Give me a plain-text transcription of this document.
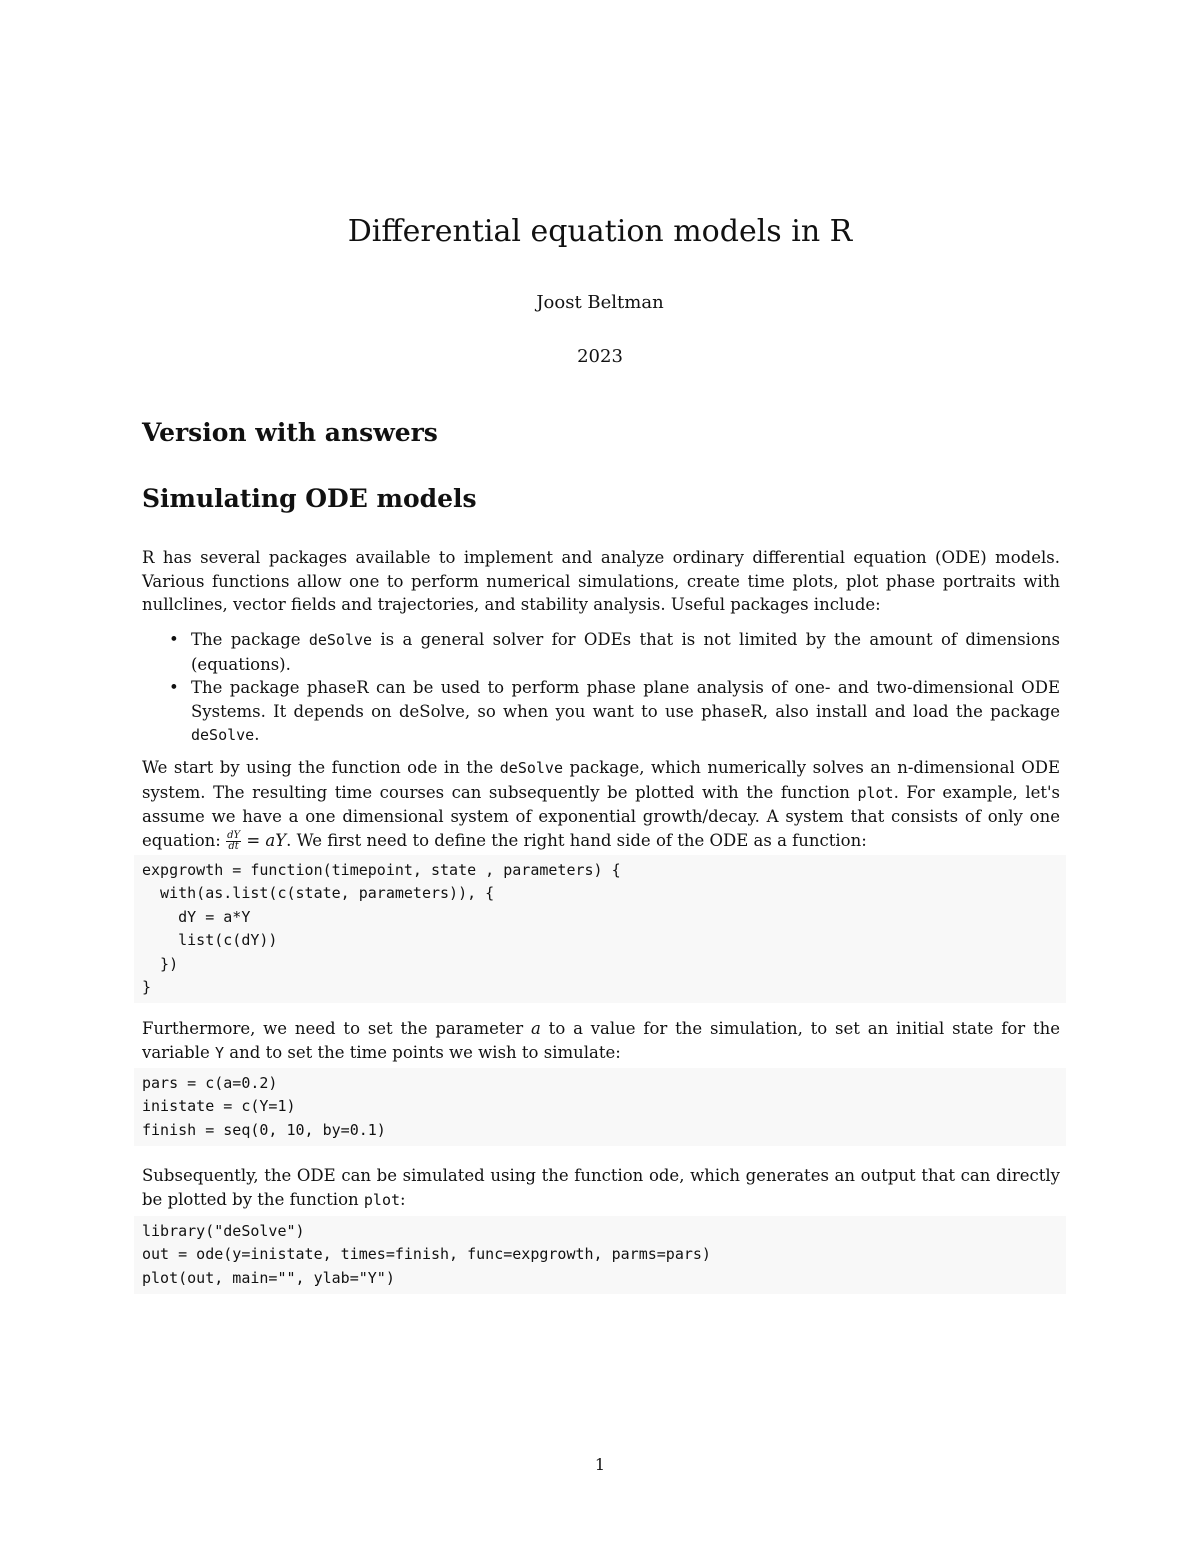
Differential equation models in R
Joost Beltman
2023
Version with answers
Simulating ODE models

R has several packages available to implement and analyze ordinary differential equation (ODE) models. Various functions allow one to perform numerical simulations, create time plots, plot phase portraits with nullclines, vector fields and trajectories, and stability analysis. Useful packages include:

• The package deSolve is a general solver for ODEs that is not limited by the amount of dimensions (equations).
• The package phaseR can be used to perform phase plane analysis of one- and two-dimensional ODE Systems. It depends on deSolve, so when you want to use phaseR, also install and load the package deSolve.

We start by using the function ode in the deSolve package, which numerically solves an n-dimensional ODE system. The resulting time courses can subsequently be plotted with the function plot. For example, let's assume we have a one dimensional system of exponential growth/decay. A system that consists of only one equation: $\frac{dY}{dt}$ = aY. We first need to define the right hand side of the ODE as a function:

expgrowth = function(timepoint, state , parameters) {
with(as.list(c(state, parameters)), {
dY = a*Y
list(c(dY))
})
}

Furthermore, we need to set the parameter a to a value for the simulation, to set an initial state for the variable Y and to set the time points we wish to simulate:

pars = c(a=0.2)
inistate = c(Y=1)
finish = seq(0, 10, by=0.1)

Subsequently, the ODE can be simulated using the function ode, which generates an output that can directly be plotted by the function plot:

library("deSolve")
out = ode(y=inistate, times=finish, func=expgrowth, parms=pars)
plot(out, main="", ylab="Y")
1
